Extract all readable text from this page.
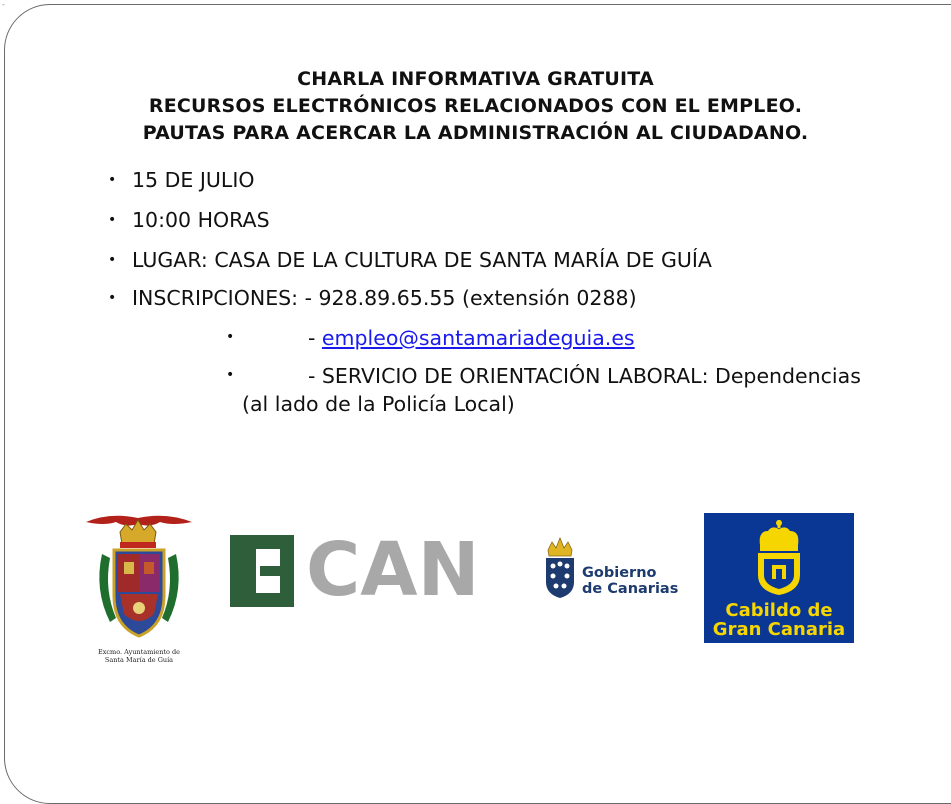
-
CHARLA INFORMATIVA GRATUITA
RECURSOS ELECTRÓNICOS RELACIONADOS CON EL EMPLEO.
PAUTAS PARA ACERCAR LA ADMINISTRACIÓN AL CIUDADANO.
• 15 DE JULIO
• 10:00 HORAS
• LUGAR: CASA DE LA CULTURA DE SANTA MARÍA DE GUÍA
• INSCRIPCIONES: - 928.89.65.55 (extensión 0288)
•	- empleo@santamariadeguia.es
•	- SERVICIO DE ORIENTACIÓN LABORAL: Dependencias
(al lado de la Policía Local)
Excmo. Ayuntamiento de
Santa María de Guía
CAN	Gobierno
de Canarias
Cabildo de
Gran Canaria
